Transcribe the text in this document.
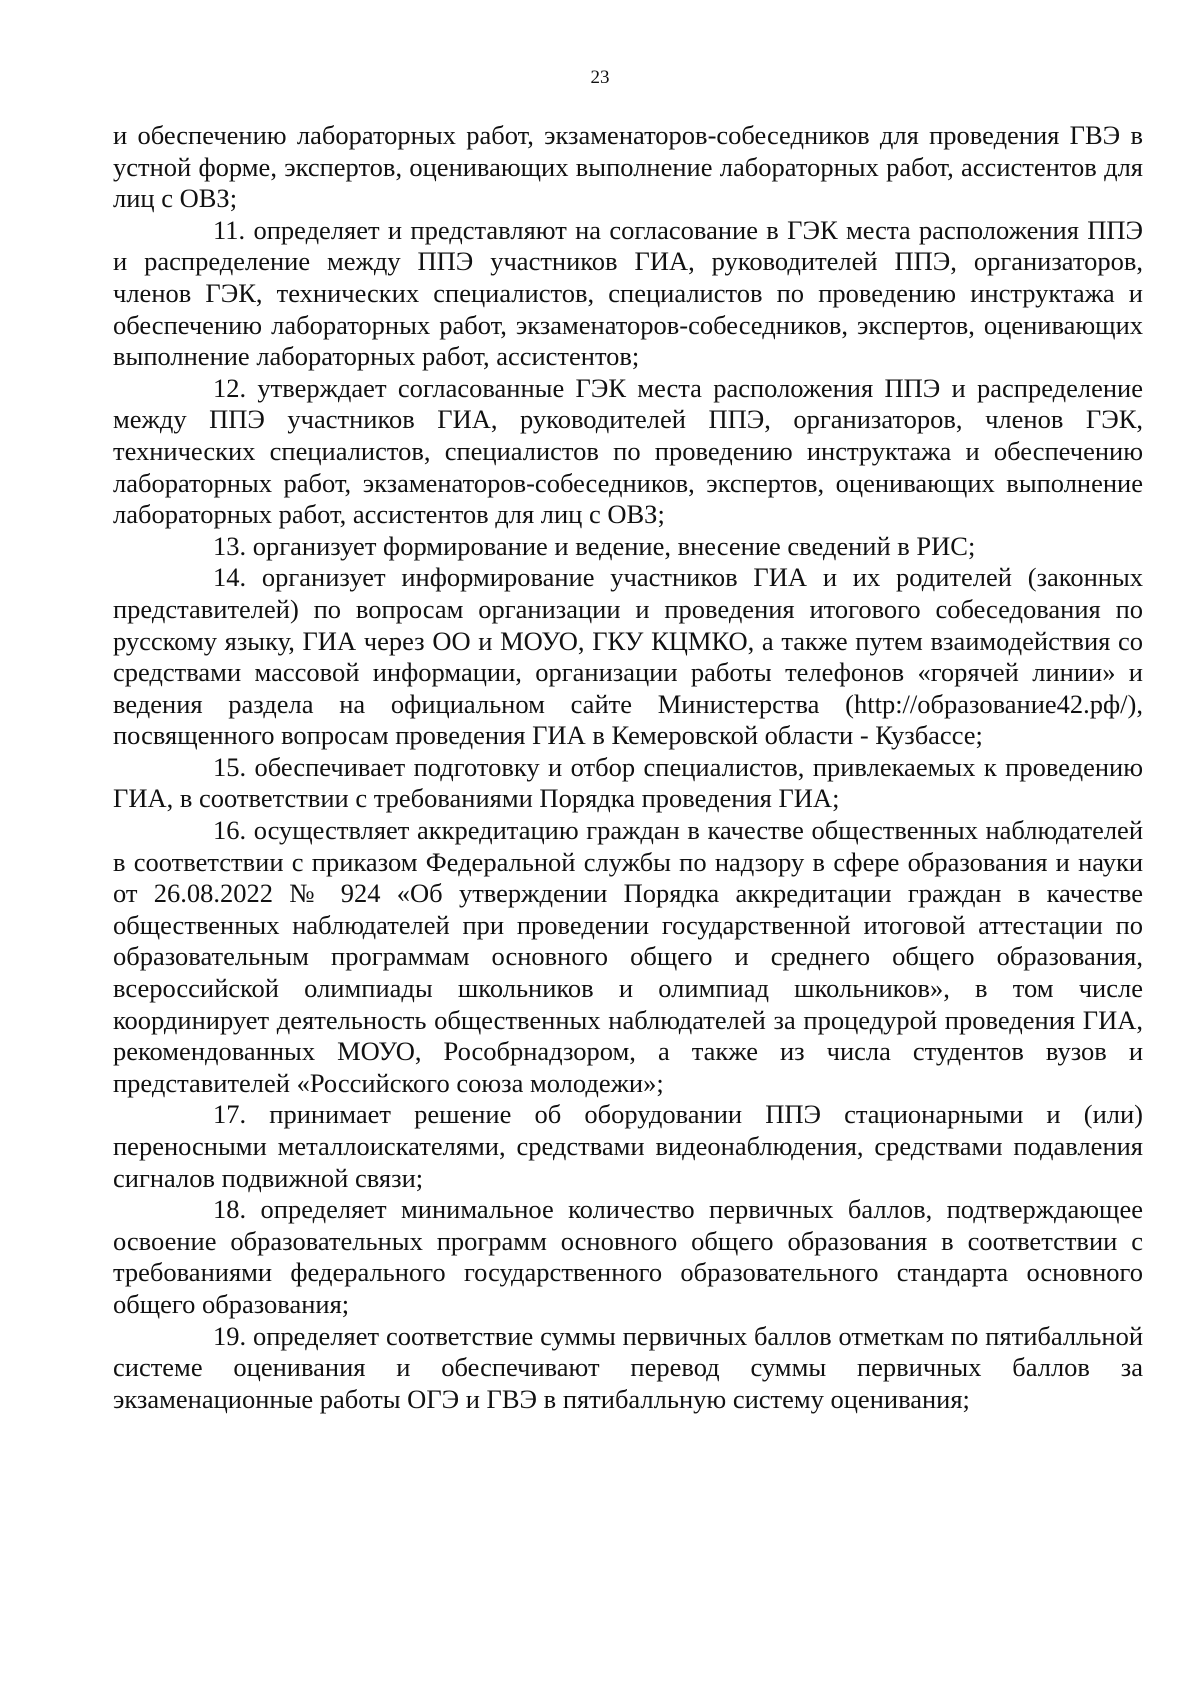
23

и обеспечению лабораторных работ, экзаменаторов-собеседников для проведения ГВЭ в устной форме, экспертов, оценивающих выполнение лабораторных работ, ассистентов для лиц с ОВЗ;

11. определяет и представляют на согласование в ГЭК места расположения ППЭ и распределение между ППЭ участников ГИА, руководителей ППЭ, организаторов, членов ГЭК, технических специалистов, специалистов по проведению инструктажа и обеспечению лабораторных работ, экзаменаторов-собеседников, экспертов, оценивающих выполнение лабораторных работ, ассистентов;

12. утверждает согласованные ГЭК места расположения ППЭ и распределение между ППЭ участников ГИА, руководителей ППЭ, организаторов, членов ГЭК, технических специалистов, специалистов по проведению инструктажа и обеспечению лабораторных работ, экзаменаторов-собеседников, экспертов, оценивающих выполнение лабораторных работ, ассистентов для лиц с ОВЗ;

13. организует формирование и ведение, внесение сведений в РИС;

14. организует информирование участников ГИА и их родителей (законных представителей) по вопросам организации и проведения итогового собеседования по русскому языку, ГИА через ОО и МОУО, ГКУ КЦМКО, а также путем взаимодействия со средствами массовой информации, организации работы телефонов «горячей линии» и ведения раздела на официальном сайте Министерства (http://образование42.рф/), посвященного вопросам проведения ГИА в Кемеровской области - Кузбассе;

15. обеспечивает подготовку и отбор специалистов, привлекаемых к проведению ГИА, в соответствии с требованиями Порядка проведения ГИА;

16. осуществляет аккредитацию граждан в качестве общественных наблюдателей в соответствии с приказом Федеральной службы по надзору в сфере образования и науки от 26.08.2022 № 924 «Об утверждении Порядка аккредитации граждан в качестве общественных наблюдателей при проведении государственной итоговой аттестации по образовательным программам основного общего и среднего общего образования, всероссийской олимпиады школьников и олимпиад школьников», в том числе координирует деятельность общественных наблюдателей за процедурой проведения ГИА, рекомендованных МОУО, Рособрнадзором, а также из числа студентов вузов и представителей «Российского союза молодежи»;

17. принимает решение об оборудовании ППЭ стационарными и (или) переносными металлоискателями, средствами видеонаблюдения, средствами подавления сигналов подвижной связи;

18. определяет минимальное количество первичных баллов, подтверждающее освоение образовательных программ основного общего образования в соответствии с требованиями федерального государственного образовательного стандарта основного общего образования;

19. определяет соответствие суммы первичных баллов отметкам по пятибалльной системе оценивания и обеспечивают перевод суммы первичных баллов за экзаменационные работы ОГЭ и ГВЭ в пятибалльную систему оценивания;
